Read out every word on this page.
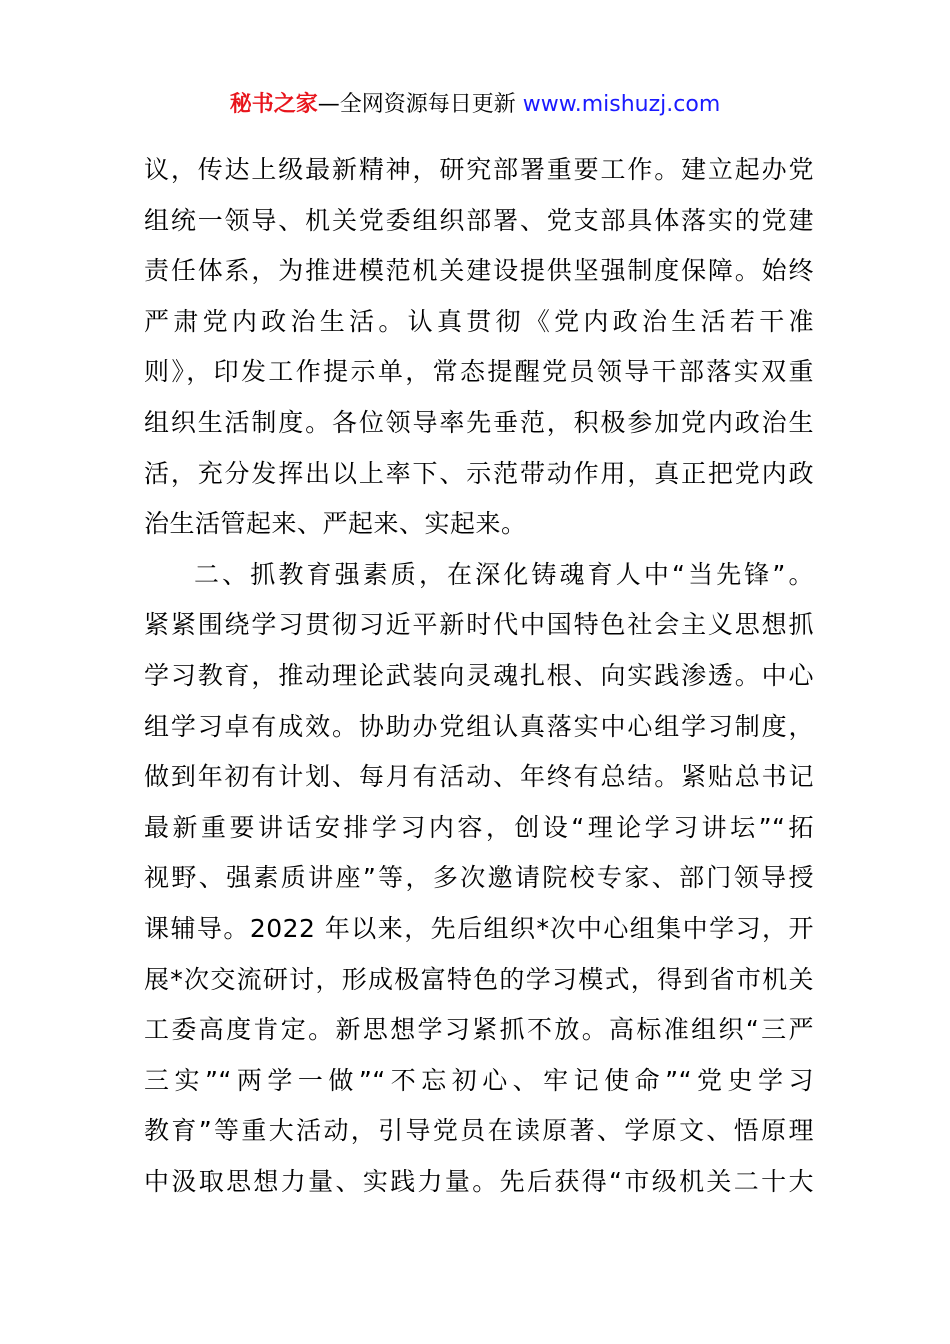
秘书之家—全网资源每日更新 www.mishuzj.com
议，传达上级最新精神，研究部署重要工作。建立起办党
组统一领导、机关党委组织部署、党支部具体落实的党建
责任体系，为推进模范机关建设提供坚强制度保障。始终
严肃党内政治生活。认真贯彻《党内政治生活若干准
则》，印发工作提示单，常态提醒党员领导干部落实双重
组织生活制度。各位领导率先垂范，积极参加党内政治生
活，充分发挥出以上率下、示范带动作用，真正把党内政
治生活管起来、严起来、实起来。
二、抓教育强素质，在深化铸魂育人中“当先锋”。
紧紧围绕学习贯彻习近平新时代中国特色社会主义思想抓
学习教育，推动理论武装向灵魂扎根、向实践渗透。中心
组学习卓有成效。协助办党组认真落实中心组学习制度，
做到年初有计划、每月有活动、年终有总结。紧贴总书记
最新重要讲话安排学习内容，创设“理论学习讲坛”“拓
视野、强素质讲座”等，多次邀请院校专家、部门领导授
课辅导。2022 年以来，先后组织*次中心组集中学习，开
展*次交流研讨，形成极富特色的学习模式，得到省市机关
工委高度肯定。新思想学习紧抓不放。高标准组织“三严
三实”“两学一做”“不忘初心、牢记使命”“党史学习
教育”等重大活动，引导党员在读原著、学原文、悟原理
中汲取思想力量、实践力量。先后获得“市级机关二十大
